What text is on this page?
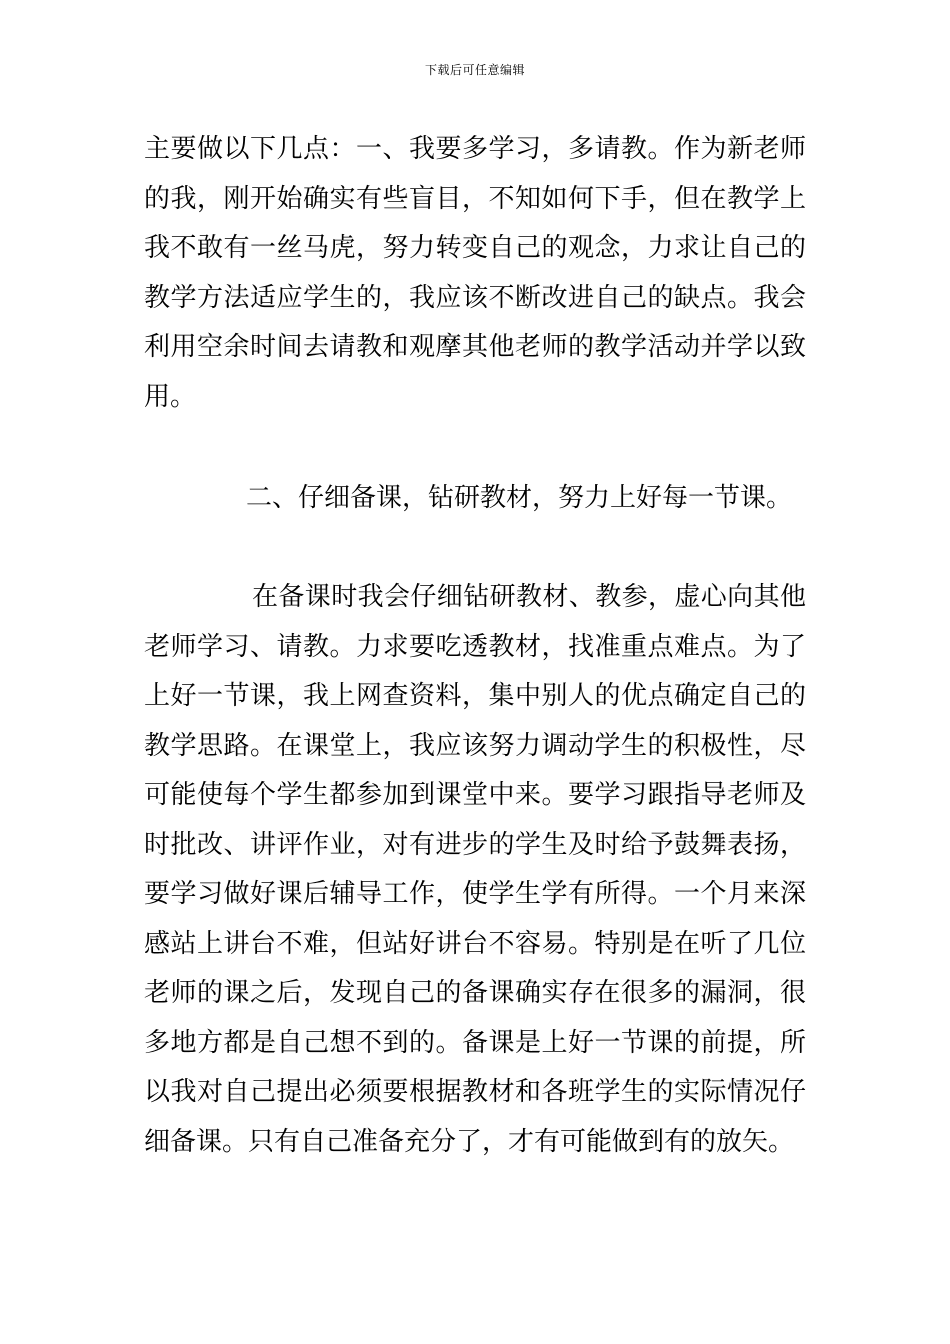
下载后可任意编辑

主要做以下几点：一、我要多学习，多请教。作为新老师的我，刚开始确实有些盲目，不知如何下手，但在教学上我不敢有一丝马虎，努力转变自己的观念，力求让自己的教学方法适应学生的，我应该不断改进自己的缺点。我会利用空余时间去请教和观摩其他老师的教学活动并学以致用。

二、仔细备课，钻研教材，努力上好每一节课。

在备课时我会仔细钻研教材、教参，虚心向其他老师学习、请教。力求要吃透教材，找准重点难点。为了上好一节课，我上网查资料，集中别人的优点确定自己的教学思路。在课堂上，我应该努力调动学生的积极性，尽可能使每个学生都参加到课堂中来。要学习跟指导老师及时批改、讲评作业，对有进步的学生及时给予鼓舞表扬，要学习做好课后辅导工作，使学生学有所得。一个月来深感站上讲台不难，但站好讲台不容易。特别是在听了几位老师的课之后，发现自己的备课确实存在很多的漏洞，很多地方都是自己想不到的。备课是上好一节课的前提，所以我对自己提出必须要根据教材和各班学生的实际情况仔细备课。只有自己准备充分了，才有可能做到有的放矢。
